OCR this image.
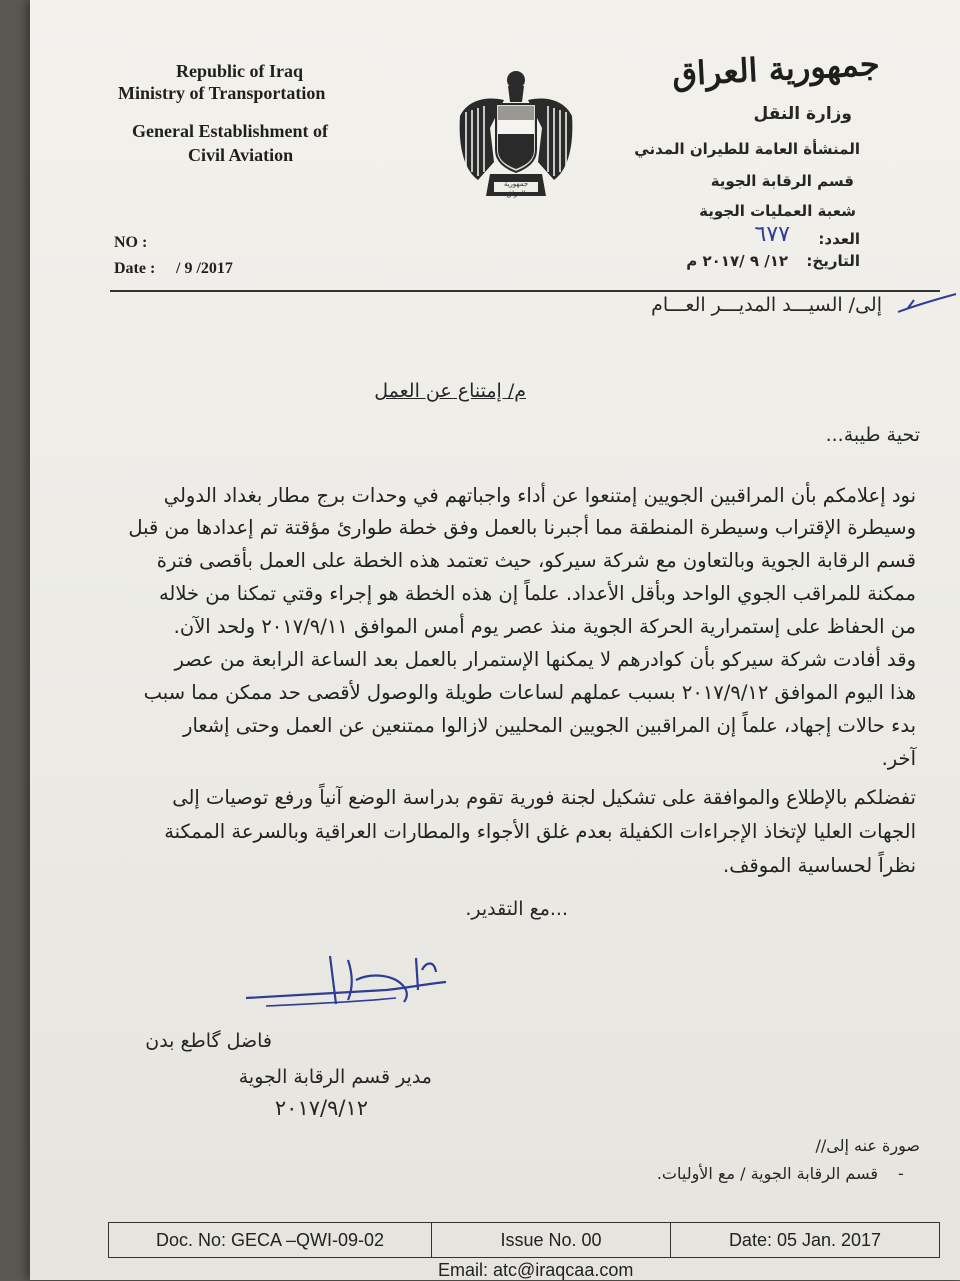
Republic of Iraq
Ministry of Transportation
General Establishment of
Civil Aviation
NO :
Date : / 9 /2017
جمهورية العراق
جمهورية العراق
وزارة النقل
المنشأة العامة للطيران المدني
قسم الرقابة الجوية
شعبة العمليات الجوية
العدد:
٦٧٧
التاريخ:
١٢/ ٩ /٢٠١٧ م
إلى/ السيـــد المديـــر العـــام
م/ إمتناع عن العمل
تحية طيبة...
نود إعلامكم بأن المراقبين الجويين إمتنعوا عن أداء واجباتهم في وحدات برج مطار بغداد الدولي
وسيطرة الإقتراب وسيطرة المنطقة مما أجبرنا بالعمل وفق خطة طوارئ مؤقتة تم إعدادها من قبل
قسم الرقابة الجوية وبالتعاون مع شركة سيركو، حيث تعتمد هذه الخطة على العمل بأقصى فترة
ممكنة للمراقب الجوي الواحد وبأقل الأعداد. علماً إن هذه الخطة هو إجراء وقتي تمكنا من خلاله
من الحفاظ على إستمرارية الحركة الجوية منذ عصر يوم أمس الموافق ٢٠١٧/٩/١١ ولحد الآن.
وقد أفادت شركة سيركو بأن كوادرهم لا يمكنها الإستمرار بالعمل بعد الساعة الرابعة من عصر
هذا اليوم الموافق ٢٠١٧/٩/١٢ بسبب عملهم لساعات طويلة والوصول لأقصى حد ممكن مما سبب
بدء حالات إجهاد، علماً إن المراقبين الجويين المحليين لازالوا ممتنعين عن العمل وحتى إشعار
آخر.
تفضلكم بالإطلاع والموافقة على تشكيل لجنة فورية تقوم بدراسة الوضع آنياً ورفع توصيات إلى
الجهات العليا لإتخاذ الإجراءات الكفيلة بعدم غلق الأجواء والمطارات العراقية وبالسرعة الممكنة
نظراً لحساسية الموقف.
...مع التقدير.
فاضل گاطع بدن
مدير قسم الرقابة الجوية
٢٠١٧/٩/١٢
صورة عنه إلى//
-
قسم الرقابة الجوية / مع الأوليات.
Doc. No: GECA –QWI-09-02	Issue No. 00	Date: 05 Jan. 2017
Email: atc@iraqcaa.com
